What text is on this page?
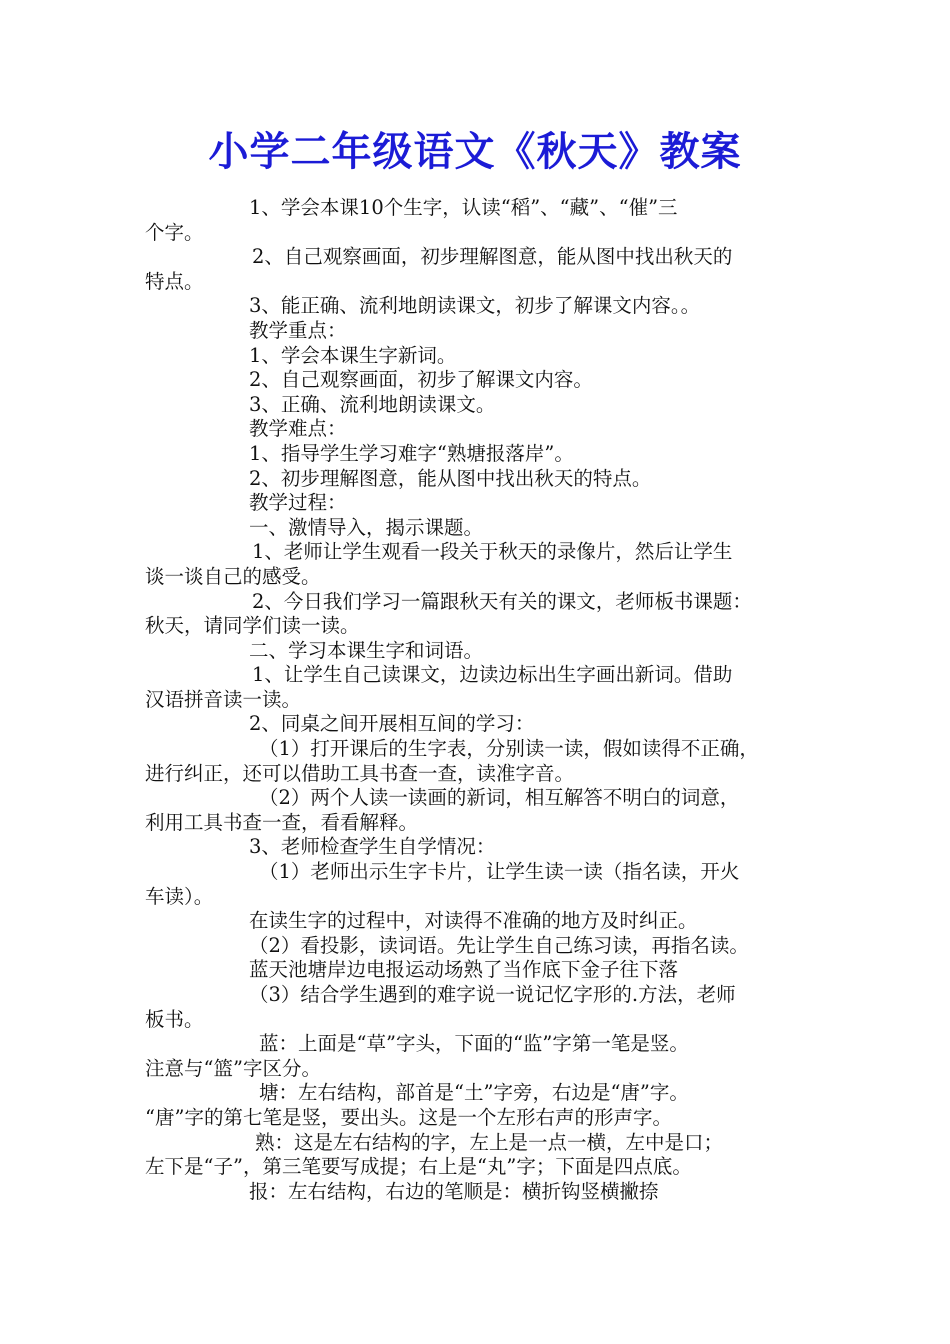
小学二年级语文《秋天》教案

1、学会本课10个生字，认读“稻”、“藏”、“催”三
个字。

2、自己观察画面，初步理解图意，能从图中找出秋天的
特点。

3、能正确、流利地朗读课文，初步了解课文内容。。

教学重点：

1、学会本课生字新词。

2、自己观察画面，初步了解课文内容。

3、正确、流利地朗读课文。

教学难点：

1、指导学生学习难字“熟塘报落岸”。

2、初步理解图意，能从图中找出秋天的特点。

教学过程：

一、激情导入，揭示课题。

1、老师让学生观看一段关于秋天的录像片，然后让学生
谈一谈自己的感受。

2、今日我们学习一篇跟秋天有关的课文，老师板书课题：
秋天，请同学们读一读。

二、学习本课生字和词语。

1、让学生自己读课文，边读边标出生字画出新词。借助
汉语拼音读一读。

2、同桌之间开展相互间的学习：

（1）打开课后的生字表，分别读一读，假如读得不正确，
进行纠正，还可以借助工具书查一查，读准字音。

（2）两个人读一读画的新词，相互解答不明白的词意，
利用工具书查一查，看看解释。

3、老师检查学生自学情况：

（1）老师出示生字卡片，让学生读一读（指名读，开火
车读）。

在读生字的过程中，对读得不准确的地方及时纠正。

（2）看投影，读词语。先让学生自己练习读，再指名读。

蓝天池塘岸边电报运动场熟了当作底下金子往下落

（3）结合学生遇到的难字说一说记忆字形的.方法，老师
板书。

蓝：上面是“草”字头，下面的“监”字第一笔是竖。
注意与“篮”字区分。

塘：左右结构，部首是“土”字旁，右边是“唐”字。
“唐”字的第七笔是竖，要出头。这是一个左形右声的形声字。

熟：这是左右结构的字，左上是一点一横，左中是口；
左下是“子”，第三笔要写成提；右上是“丸”字；下面是四点底。

报：左右结构，右边的笔顺是：横折钩竖横撇捺
